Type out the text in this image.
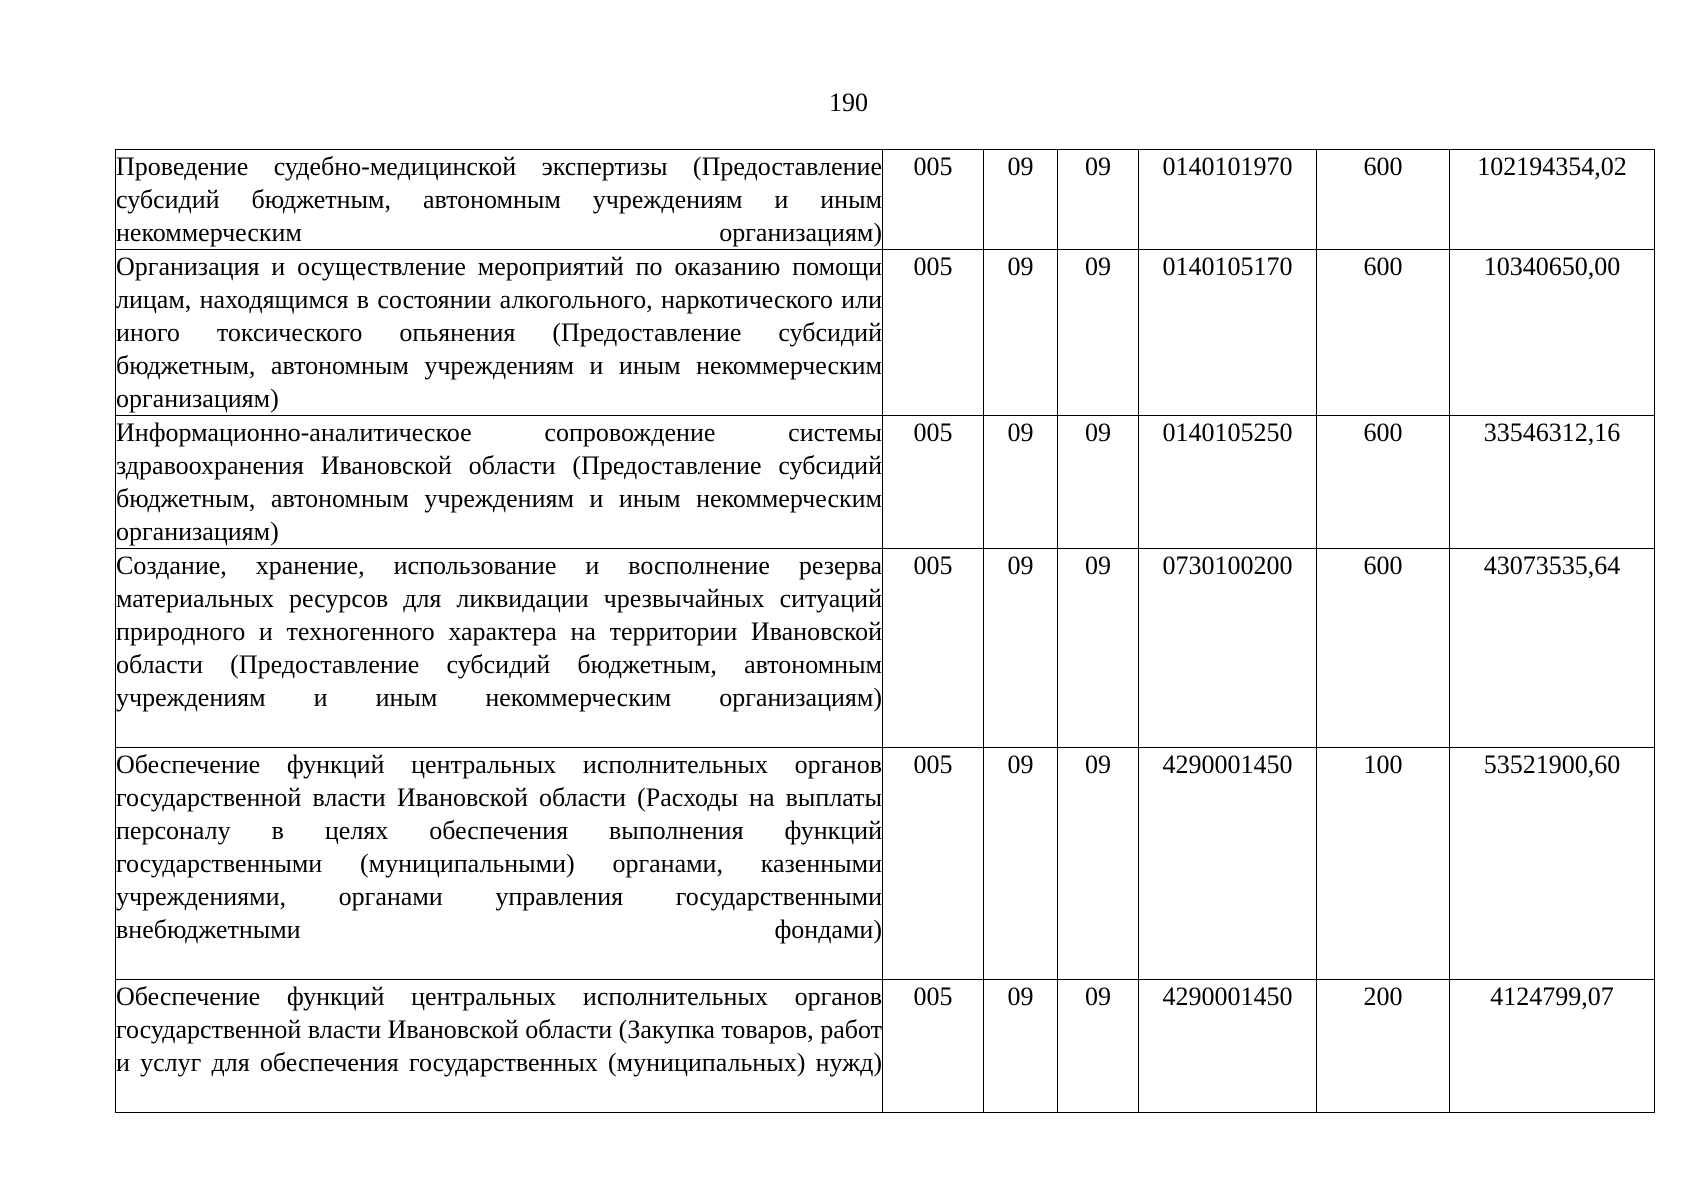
190
Проведение судебно-медицинской экспертизы (Предоставление субсидий бюджетным, автономным учреждениям и иным некоммерческим организациям)	005	09	09	0140101970	600	102194354,02

Организация и осуществление мероприятий по оказанию помощи лицам, находящимся в состоянии алкогольного, наркотического или иного токсического опьянения (Предоставление субсидий бюджетным, автономным учреждениям и иным некоммерческим организациям)	005	09	09	0140105170	600	10340650,00

Информационно-аналитическое сопровождение системы здравоохранения Ивановской области (Предоставление субсидий бюджетным, автономным учреждениям и иным некоммерческим организациям)	005	09	09	0140105250	600	33546312,16

Создание, хранение, использование и восполнение резерва материальных ресурсов для ликвидации чрезвычайных ситуаций природного и техногенного характера на территории Ивановской области (Предоставление субсидий бюджетным, автономным учреждениям и иным некоммерческим организациям)	005	09	09	0730100200	600	43073535,64

Обеспечение функций центральных исполнительных органов государственной власти Ивановской области (Расходы на выплаты персоналу в целях обеспечения выполнения функций государственными (муниципальными) органами, казенными учреждениями, органами управления государственными внебюджетными фондами)	005	09	09	4290001450	100	53521900,60

Обеспечение функций центральных исполнительных органов государственной власти Ивановской области (Закупка товаров, работ и услуг для обеспечения государственных (муниципальных) нужд)	005	09	09	4290001450	200	4124799,07
